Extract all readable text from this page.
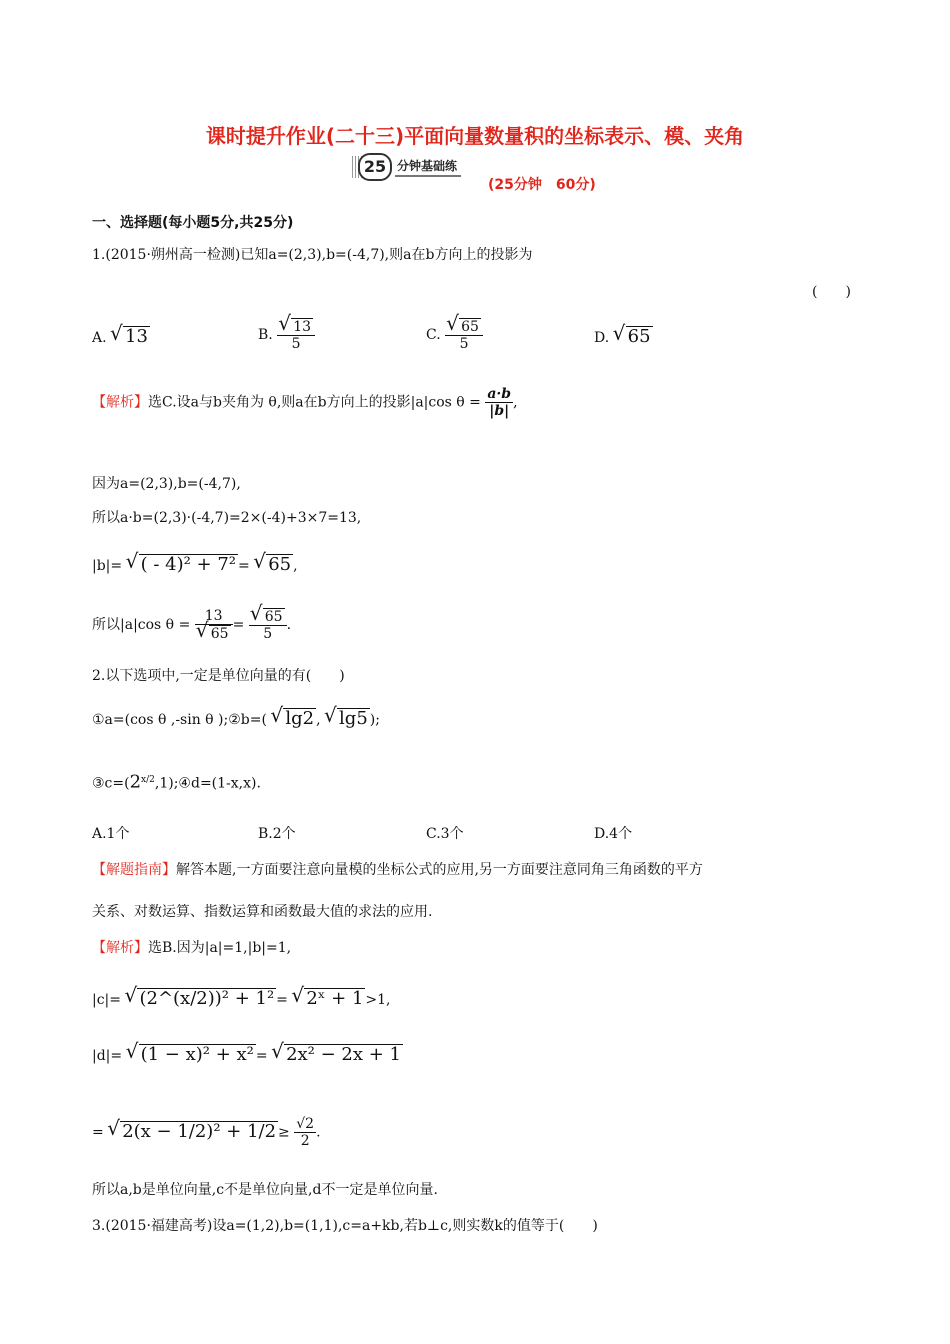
课时提升作业(二十三)平面向量数量积的坐标表示、模、夹角
25 分钟基础练
(25分钟　60分)
一、选择题(每小题5分,共25分)
1.(2015·朔州高一检测)已知a=(2,3),b=(-4,7),则a在b方向上的投影为
(　　)
A. √ 13	B. √ $\frac{13}{5}$	C. √ $\frac{65}{5}$	D. √ 65
【解析】选C.设a与b夹角为 θ,则a在b方向上的投影|a|cos $\theta = \frac{a\cdot b}{|b|}$ ,
因为a=(2,3),b=(-4,7),
所以a·b=(2,3)·(-4,7)=2×(-4)+3×7=13,
|b|= √ ( - 4)² + 7² = √ 65 ,
所以|a|cos θ = 13
√ 65 = √ $\frac{65}{5}$ .
2.以下选项中,一定是单位向量的有(　　)
①a=(cos θ ,-sin θ );②b=( √ lg2 , √ lg5 );
$③c=(2^{x/2},1);④d=(1-x,x)$.
A.1个	B.2个	C.3个	D.4个
【解题指南】解答本题,一方面要注意向量模的坐标公式的应用,另一方面要注意同角三角函数的平方
关系、对数运算、指数运算和函数最大值的求法的应用.
【解析】选B.因为|a|=1,|b|=1,
|c|= √ (2^(x/2))² + 1² = √ 2ˣ + 1 >1,
|d|= √ (1 − x)² + x² = √ 2x² − 2x + 1
= √ $2(x - 1/2)^2 + 1/2 \ge \frac{√2}{2}$ .
所以a,b是单位向量,c不是单位向量,d不一定是单位向量.
3.(2015·福建高考)设a=(1,2),b=(1,1),c=a+kb,若b⊥c,则实数k的值等于(　　)
